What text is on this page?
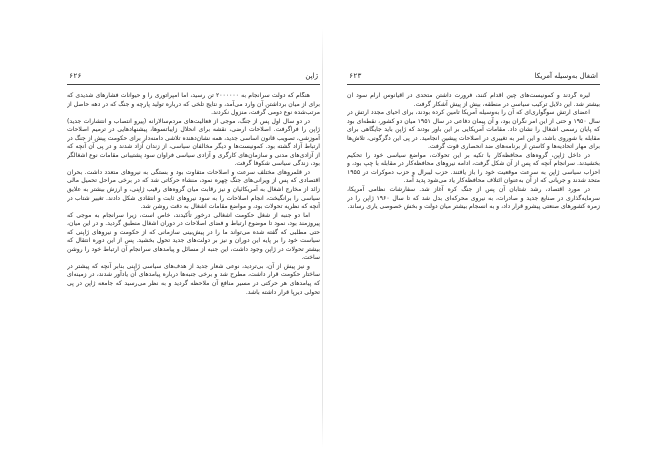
ژاپن
۶۲۶

هنگام که دولت سرانجام به ۲۰۰۰۰۰۰ تن رسید، اما امپراتوری را و حیوانات فشارهای شدیدی که برای از میان برداشتن آن وارد می‌آمد، و نتایج تلخی که درباره تولید پارچه و جنگ که در دهه حاصل از مرتب‌شده نوع دومی گرفت، منزول نکردند.

در دو سال اول پس از جنگ، موجی از فعالیت‌های مردم‌سالارانه (پیرو انتصاب و انتشارات جدید) ژاپن را فراگرفت. اصلاحات ارضی، نقشه برای انحلال زایباتسوها، پیشنهادهایی در ترمیم اصلاحات آموزشی، تصویب قانون اساسی جدید، همه نشان‌دهنده تلاشی دامنه‌دار برای حکومت پیش از جنگ در ارتباط آزاد گشته بود. کمونیست‌ها و دیگر مخالفان سیاسی، از زندان آزاد شدند و در پی آن آنچه که از آزادی‌های مدنی و سازمان‌های کارگری و آزادی سیاسی فراوان سود پشتیبانی مقامات نوع اشغالگر بود، زندگی سیاسی شکوفا گرفت.

در قلمروهای مختلف سرعت و اصلاحات متفاوت بود و بستگی به نیروهای متعدد داشت. بحران اقتصادی که پس از ویرانی‌های جنگ چهره نمود، منشاء حرکاتی شد که در برخی مراحل تحمیل مالی زائد از مخارج اشغال به آمریکائیان و نیز رقابت میان گروه‌های رقیب ژاپنی، و ارزش بیشتر به علایق سیاسی را برانگیخت، انجام اصلاحات را به سود نیروهای ثابت و انتقادی شکل دادند. تغییر شتاب در آنچه که نظریه تحولات بود، و مواضع مقامات اشغال به دقت روشن شد.

اما دو جنبه از شغل حکومت اشغالی درخور تأکیدند، خاص است، زیرا سرانجام به موجی که پیروزمند بود، نمود تا موضوع ارتباط و فضای اصلاحات در دوران اشغال منطبق گردید. و در این میان، حتی مطلبی که گفته شده می‌تواند ما را در پیش‌بینی سازمانی که از حکومت و نیروهای ژاپنی که سیاست خود را بر پایه این دوران و نیز بر دولت‌های جدید تحول بخشید. پس از این دوره انتقال که بیشتر تحولات در ژاپن وجود داشت، این جنبه از مسائل و پیامدهای سرانجام آن ارتباط خود را روشن ساخت.

و نیز پیش از آن، بی‌تردید، نوعی شعار جدید از هدف‌های سیاسی ژاپنی بنابر آنچه که پیشتر در ساختار حکومت قرار داشت، مطرح شد و برخی جنبه‌ها درباره پیامدهای آن یادآور شدند، در زمینه‌ای که پیامدهای هر حرکتی در مسیر منافع آن ملاحظه گردید و به نظر می‌رسید که جامعه ژاپن در پی تحولی دیرپا قرار داشته باشد.

اشغال به‌وسیله آمریکا
۶۲۳

لیره گردند و کمونیست‌های چین اقدام کنند، فرورت داشتن متحدی در اقیانوس آرام سود آن بیشتر شد. این دلایل ترکیب سیاسی در منطقه، بیش از پیش آشکار گرفت.

اعضای ارتش سوگواری‌ای که آن را به‌وسیله آمریکا تامین کرده بودند، برای احیای مجدد ارتش در سال ۱۹۵۰ و حتی از این امر نگران بود، و آن پیمان دفاعی در سال ۱۹۵۱ میان دو کشور، نقطه‌ای بود که پایان رسمی اشغال را نشان داد. مقامات آمریکایی بر این باور بودند که ژاپن باید جایگاهی برای مقابله با شوروی باشد، و این امر به تغییری در اصلاحات پیشین انجامید. در پی این دگرگونی، تلاش‌ها برای مهار اتحادیه‌ها و کاستن از برنامه‌های ضد انحصاری قوت گرفت.

در داخل ژاپن، گروه‌های محافظه‌کار با تکیه بر این تحولات، مواضع سیاسی خود را تحکیم بخشیدند. سرانجام آنچه که پس از آن شکل گرفت، ادامه نیروهای محافظه‌کار در مقابله با چپ بود، و احزاب سیاسی ژاپن به سرعت موقعیت خود را باز یافتند. حزب لیبرال و حزب دموکرات در ۱۹۵۵ متحد شدند و جریانی که از آن به‌عنوان ائتلاف محافظه‌کار یاد می‌شود پدید آمد.

در مورد اقتصاد، رشد شتابان آن پس از جنگ کره آغاز شد. سفارشات نظامی آمریکا، سرمایه‌گذاری در صنایع جدید و صادرات، به نیروی محرکه‌ای بدل شد که تا سال ۱۹۶۰ ژاپن را در زمره کشورهای صنعتی پیشرو قرار داد، و به انسجام بیشتر میان دولت و بخش خصوصی یاری رساند.
